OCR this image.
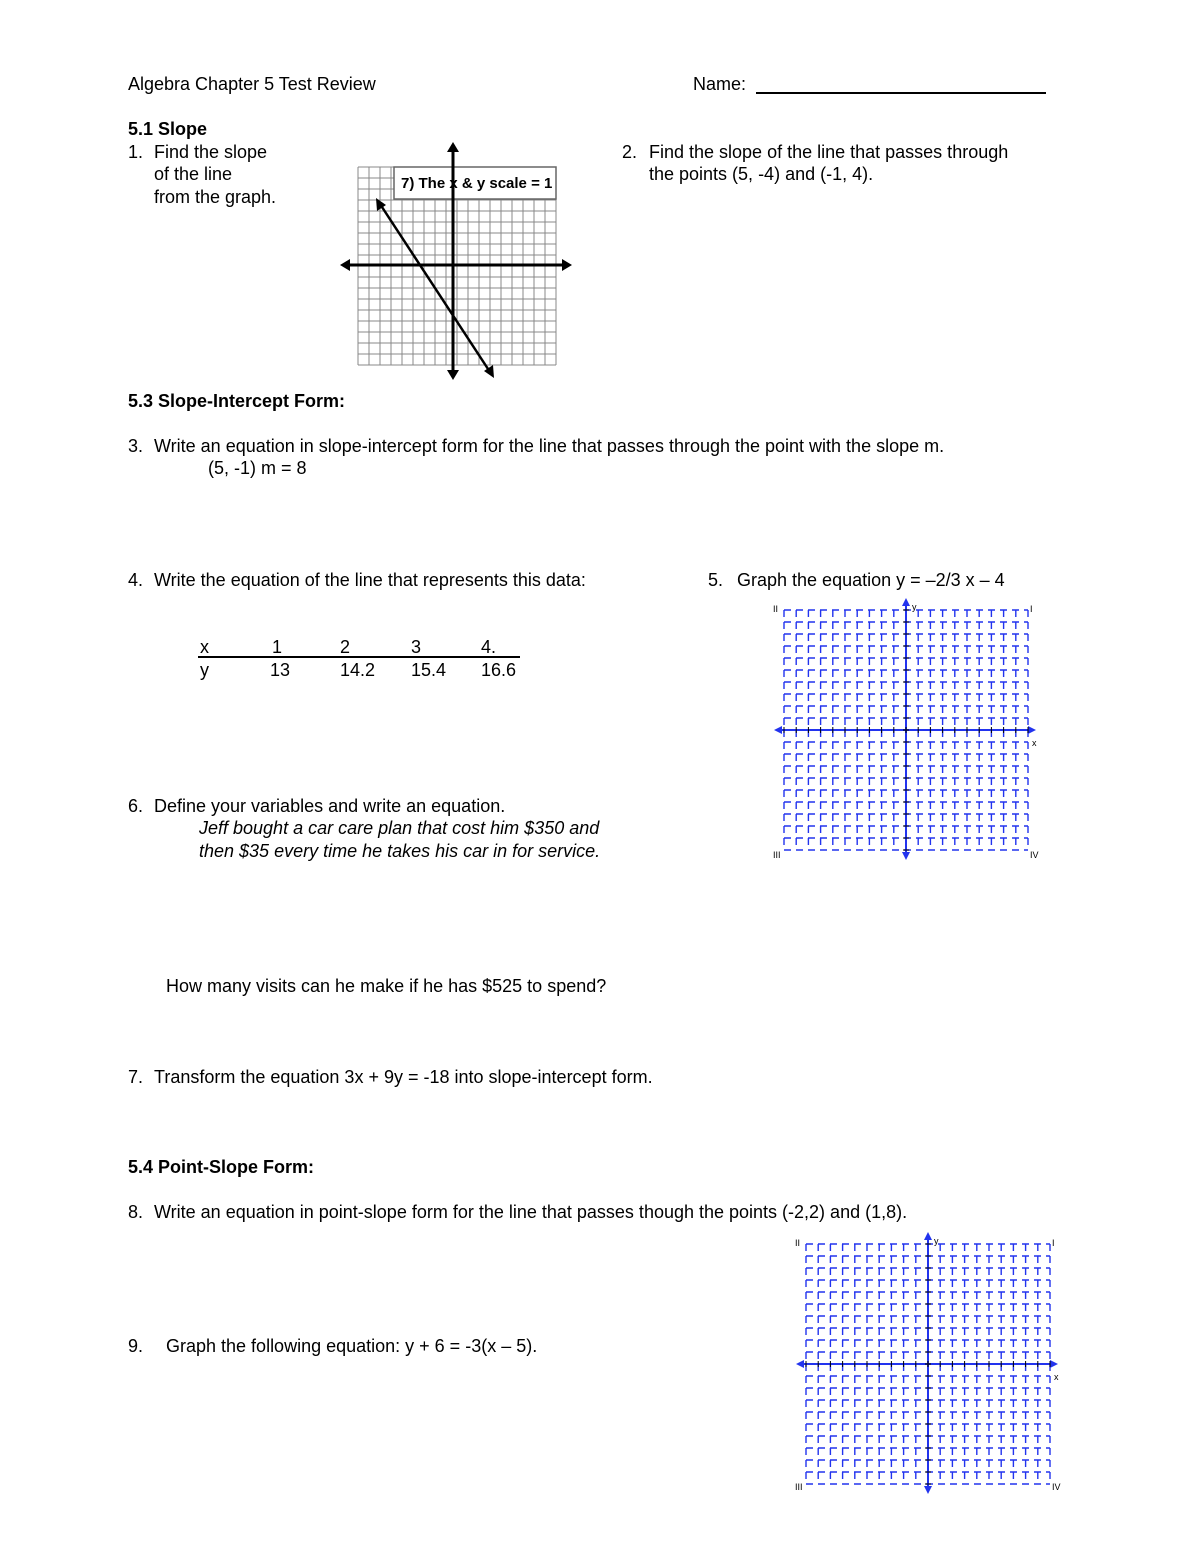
Algebra Chapter 5 Test Review	Name:
5.1 Slope
1. Find the slope
of the line
from the graph.
7) The x & y scale = 1
2. Find the slope of the line that passes through
the points (5, -4) and (-1, 4).
5.3 Slope-Intercept Form:
3. Write an equation in slope-intercept form for the line that passes through the point with the slope m.
(5, -1) m = 8
4. Write the equation of the line that represents this data:
x	1	2	3	4.
y	13	14.2 15.4 16.6
5. Graph the equation y = –2/3 x – 4
II	I
III	IV
x
y
6. Define your variables and write an equation.
Jeff bought a car care plan that cost him $350 and
then $35 every time he takes his car in for service.
How many visits can he make if he has $525 to spend?
7. Transform the equation 3x + 9y = -18 into slope-intercept form.
5.4 Point-Slope Form:
8. Write an equation in point-slope form for the line that passes though the points (-2,2) and (1,8).
9. Graph the following equation: y + 6 = -3(x – 5).
II	I
III	IV
x
y
